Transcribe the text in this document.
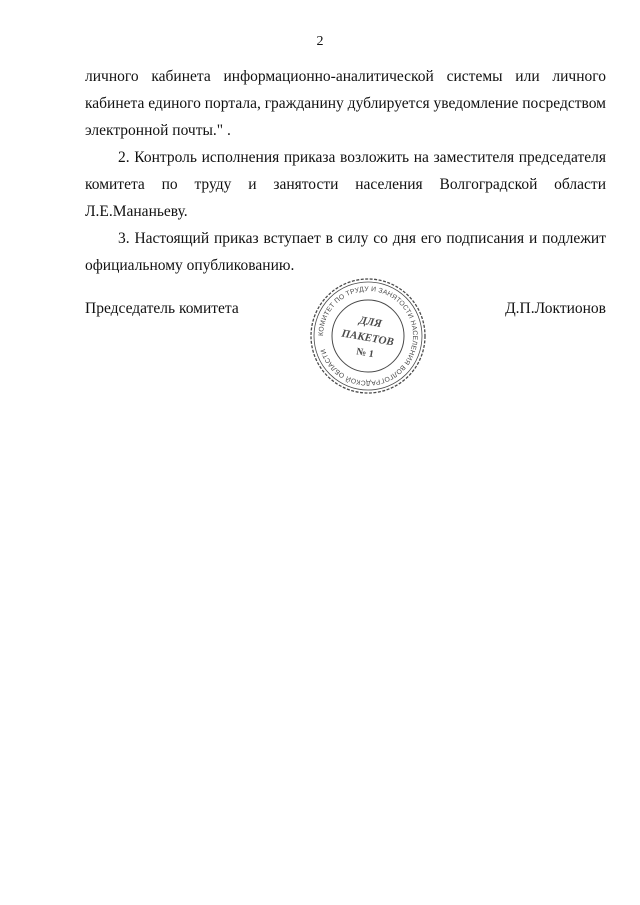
2
личного кабинета информационно-аналитической системы или личного
кабинета единого портала, гражданину дублируется уведомление посредством
электронной почты." .
2. Контроль исполнения приказа возложить на заместителя председателя
комитета по труду и занятости населения Волгоградской области
Л.Е.Мананьеву.
3. Настоящий приказ вступает в силу со дня его подписания и подлежит
официальному опубликованию.
Председатель комитета	Д.П.Локтионов
КОМИТЕТ ПО ТРУДУ И ЗАНЯТОСТИ НАСЕЛЕНИЯ ВОЛГОГРАДСКОЙ ОБЛАСТИ
ДЛЯ
ПАКЕТОВ
№ 1
